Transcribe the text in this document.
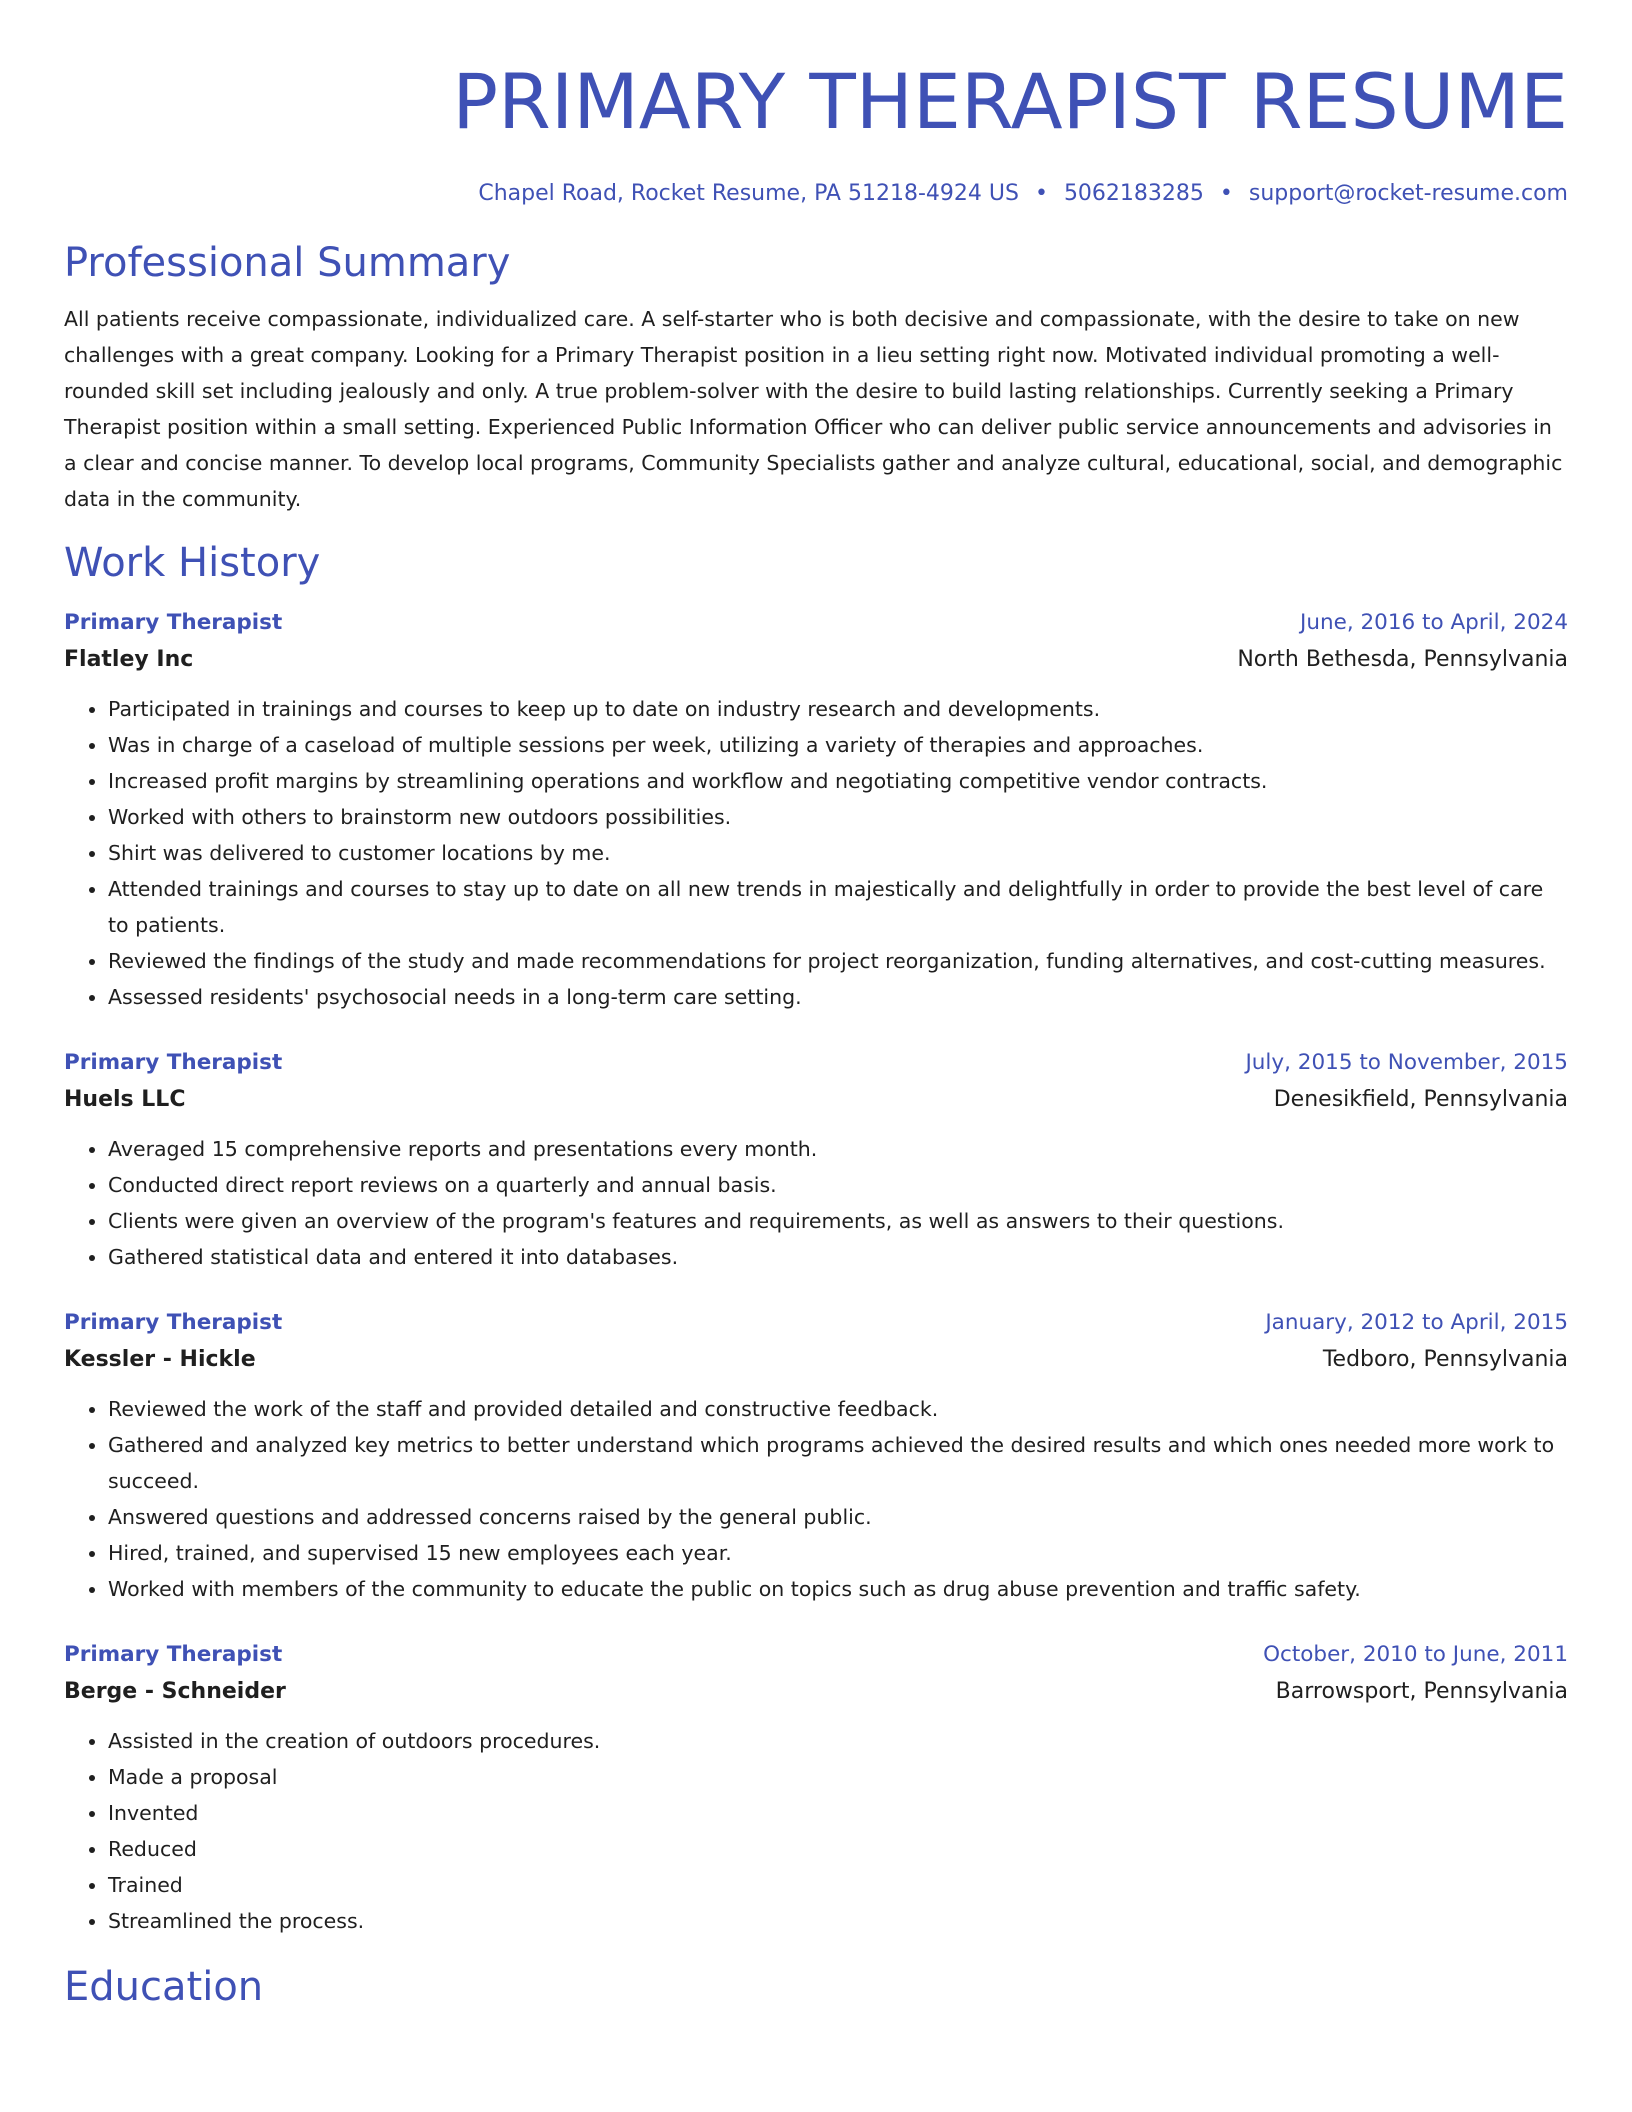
PRIMARY THERAPIST RESUME
Chapel Road, Rocket Resume, PA 51218-4924 US • 5062183285 • support@rocket-resume.com
Professional Summary

All patients receive compassionate, individualized care. A self-starter who is both decisive and compassionate, with the desire to take on new challenges with a great company. Looking for a Primary Therapist position in a lieu setting right now. Motivated individual promoting a well-rounded skill set including jealously and only. A true problem-solver with the desire to build lasting relationships. Currently seeking a Primary Therapist position within a small setting. Experienced Public Information Officer who can deliver public service announcements and advisories in a clear and concise manner. To develop local programs, Community Specialists gather and analyze cultural, educational, social, and demographic data in the community.

Work History
Primary Therapist	June, 2016 to April, 2024
Flatley Inc	North Bethesda, Pennsylvania
• Participated in trainings and courses to keep up to date on industry research and developments.
• Was in charge of a caseload of multiple sessions per week, utilizing a variety of therapies and approaches.
• Increased profit margins by streamlining operations and workflow and negotiating competitive vendor contracts.
• Worked with others to brainstorm new outdoors possibilities.
• Shirt was delivered to customer locations by me.
• Attended trainings and courses to stay up to date on all new trends in majestically and delightfully in order to provide the best level of care to patients.
• Reviewed the findings of the study and made recommendations for project reorganization, funding alternatives, and cost-cutting measures.
• Assessed residents' psychosocial needs in a long-term care setting.
Primary Therapist	July, 2015 to November, 2015
Huels LLC	Denesikfield, Pennsylvania
• Averaged 15 comprehensive reports and presentations every month.
• Conducted direct report reviews on a quarterly and annual basis.
• Clients were given an overview of the program's features and requirements, as well as answers to their questions.
• Gathered statistical data and entered it into databases.
Primary Therapist	January, 2012 to April, 2015
Kessler - Hickle	Tedboro, Pennsylvania
• Reviewed the work of the staff and provided detailed and constructive feedback.
• Gathered and analyzed key metrics to better understand which programs achieved the desired results and which ones needed more work to succeed.
• Answered questions and addressed concerns raised by the general public.
• Hired, trained, and supervised 15 new employees each year.
• Worked with members of the community to educate the public on topics such as drug abuse prevention and traffic safety.
Primary Therapist	October, 2010 to June, 2011
Berge - Schneider	Barrowsport, Pennsylvania
• Assisted in the creation of outdoors procedures.
• Made a proposal
• Invented
• Reduced
• Trained
• Streamlined the process.
Education
